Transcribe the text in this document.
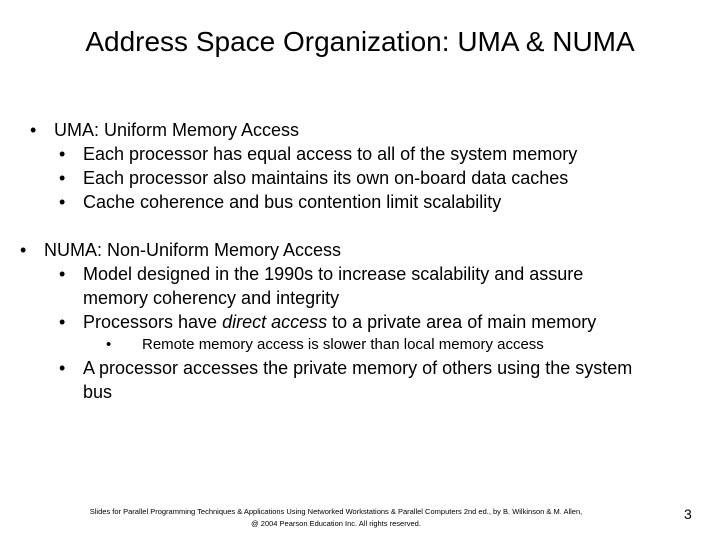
Address Space Organization: UMA & NUMA
• UMA: Uniform Memory Access
• Each processor has equal access to all of the system memory
• Each processor also maintains its own on-board data caches
• Cache coherence and bus contention limit scalability
• NUMA: Non-Uniform Memory Access
• Model designed in the 1990s to increase scalability and assure
memory coherency and integrity
• Processors have direct access to a private area of main memory
• Remote memory access is slower than local memory access
• A processor accesses the private memory of others using the system
bus
Slides for Parallel Programming Techniques & Applications Using Networked Workstations & Parallel Computers 2nd ed., by B. Wilkinson & M. Allen,
@ 2004 Pearson Education Inc. All rights reserved.
3
